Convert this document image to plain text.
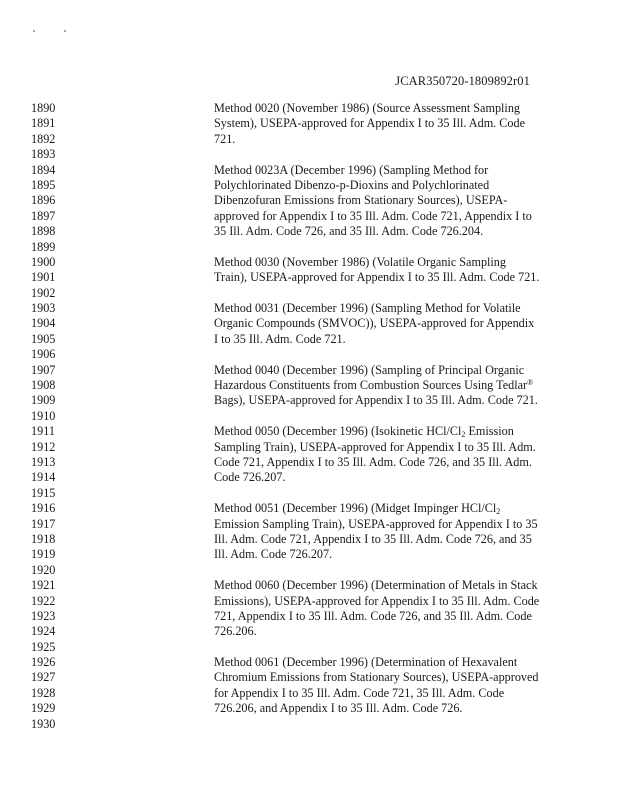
JCAR350720-1809892r01
1890	Method 0020 (November 1986) (Source Assessment Sampling
1891	System), USEPA-approved for Appendix I to 35 Ill. Adm. Code
1892	721.
1893
1894	Method 0023A (December 1996) (Sampling Method for
1895	Polychlorinated Dibenzo-p-Dioxins and Polychlorinated
1896	Dibenzofuran Emissions from Stationary Sources), USEPA-
1897	approved for Appendix I to 35 Ill. Adm. Code 721, Appendix I to
1898	35 Ill. Adm. Code 726, and 35 Ill. Adm. Code 726.204.
1899
1900	Method 0030 (November 1986) (Volatile Organic Sampling
1901	Train), USEPA-approved for Appendix I to 35 Ill. Adm. Code 721.
1902
1903	Method 0031 (December 1996) (Sampling Method for Volatile
1904	Organic Compounds (SMVOC)), USEPA-approved for Appendix
1905	I to 35 Ill. Adm. Code 721.
1906
1907	Method 0040 (December 1996) (Sampling of Principal Organic
1908	Hazardous Constituents from Combustion Sources Using Tedlar®
1909	Bags), USEPA-approved for Appendix I to 35 Ill. Adm. Code 721.
1910
1911	Method 0050 (December 1996) (Isokinetic HCl/$Cl_2$ Emission
1912	Sampling Train), USEPA-approved for Appendix I to 35 Ill. Adm.
1913	Code 721, Appendix I to 35 Ill. Adm. Code 726, and 35 Ill. Adm.
1914	Code 726.207.
1915
1916	Method 0051 (December 1996) (Midget Impinger HCl/$Cl_2$
1917	Emission Sampling Train), USEPA-approved for Appendix I to 35
1918	Ill. Adm. Code 721, Appendix I to 35 Ill. Adm. Code 726, and 35
1919	Ill. Adm. Code 726.207.
1920
1921	Method 0060 (December 1996) (Determination of Metals in Stack
1922	Emissions), USEPA-approved for Appendix I to 35 Ill. Adm. Code
1923	721, Appendix I to 35 Ill. Adm. Code 726, and 35 Ill. Adm. Code
1924	726.206.
1925
1926	Method 0061 (December 1996) (Determination of Hexavalent
1927	Chromium Emissions from Stationary Sources), USEPA-approved
1928	for Appendix I to 35 Ill. Adm. Code 721, 35 Ill. Adm. Code
1929	726.206, and Appendix I to 35 Ill. Adm. Code 726.
1930
